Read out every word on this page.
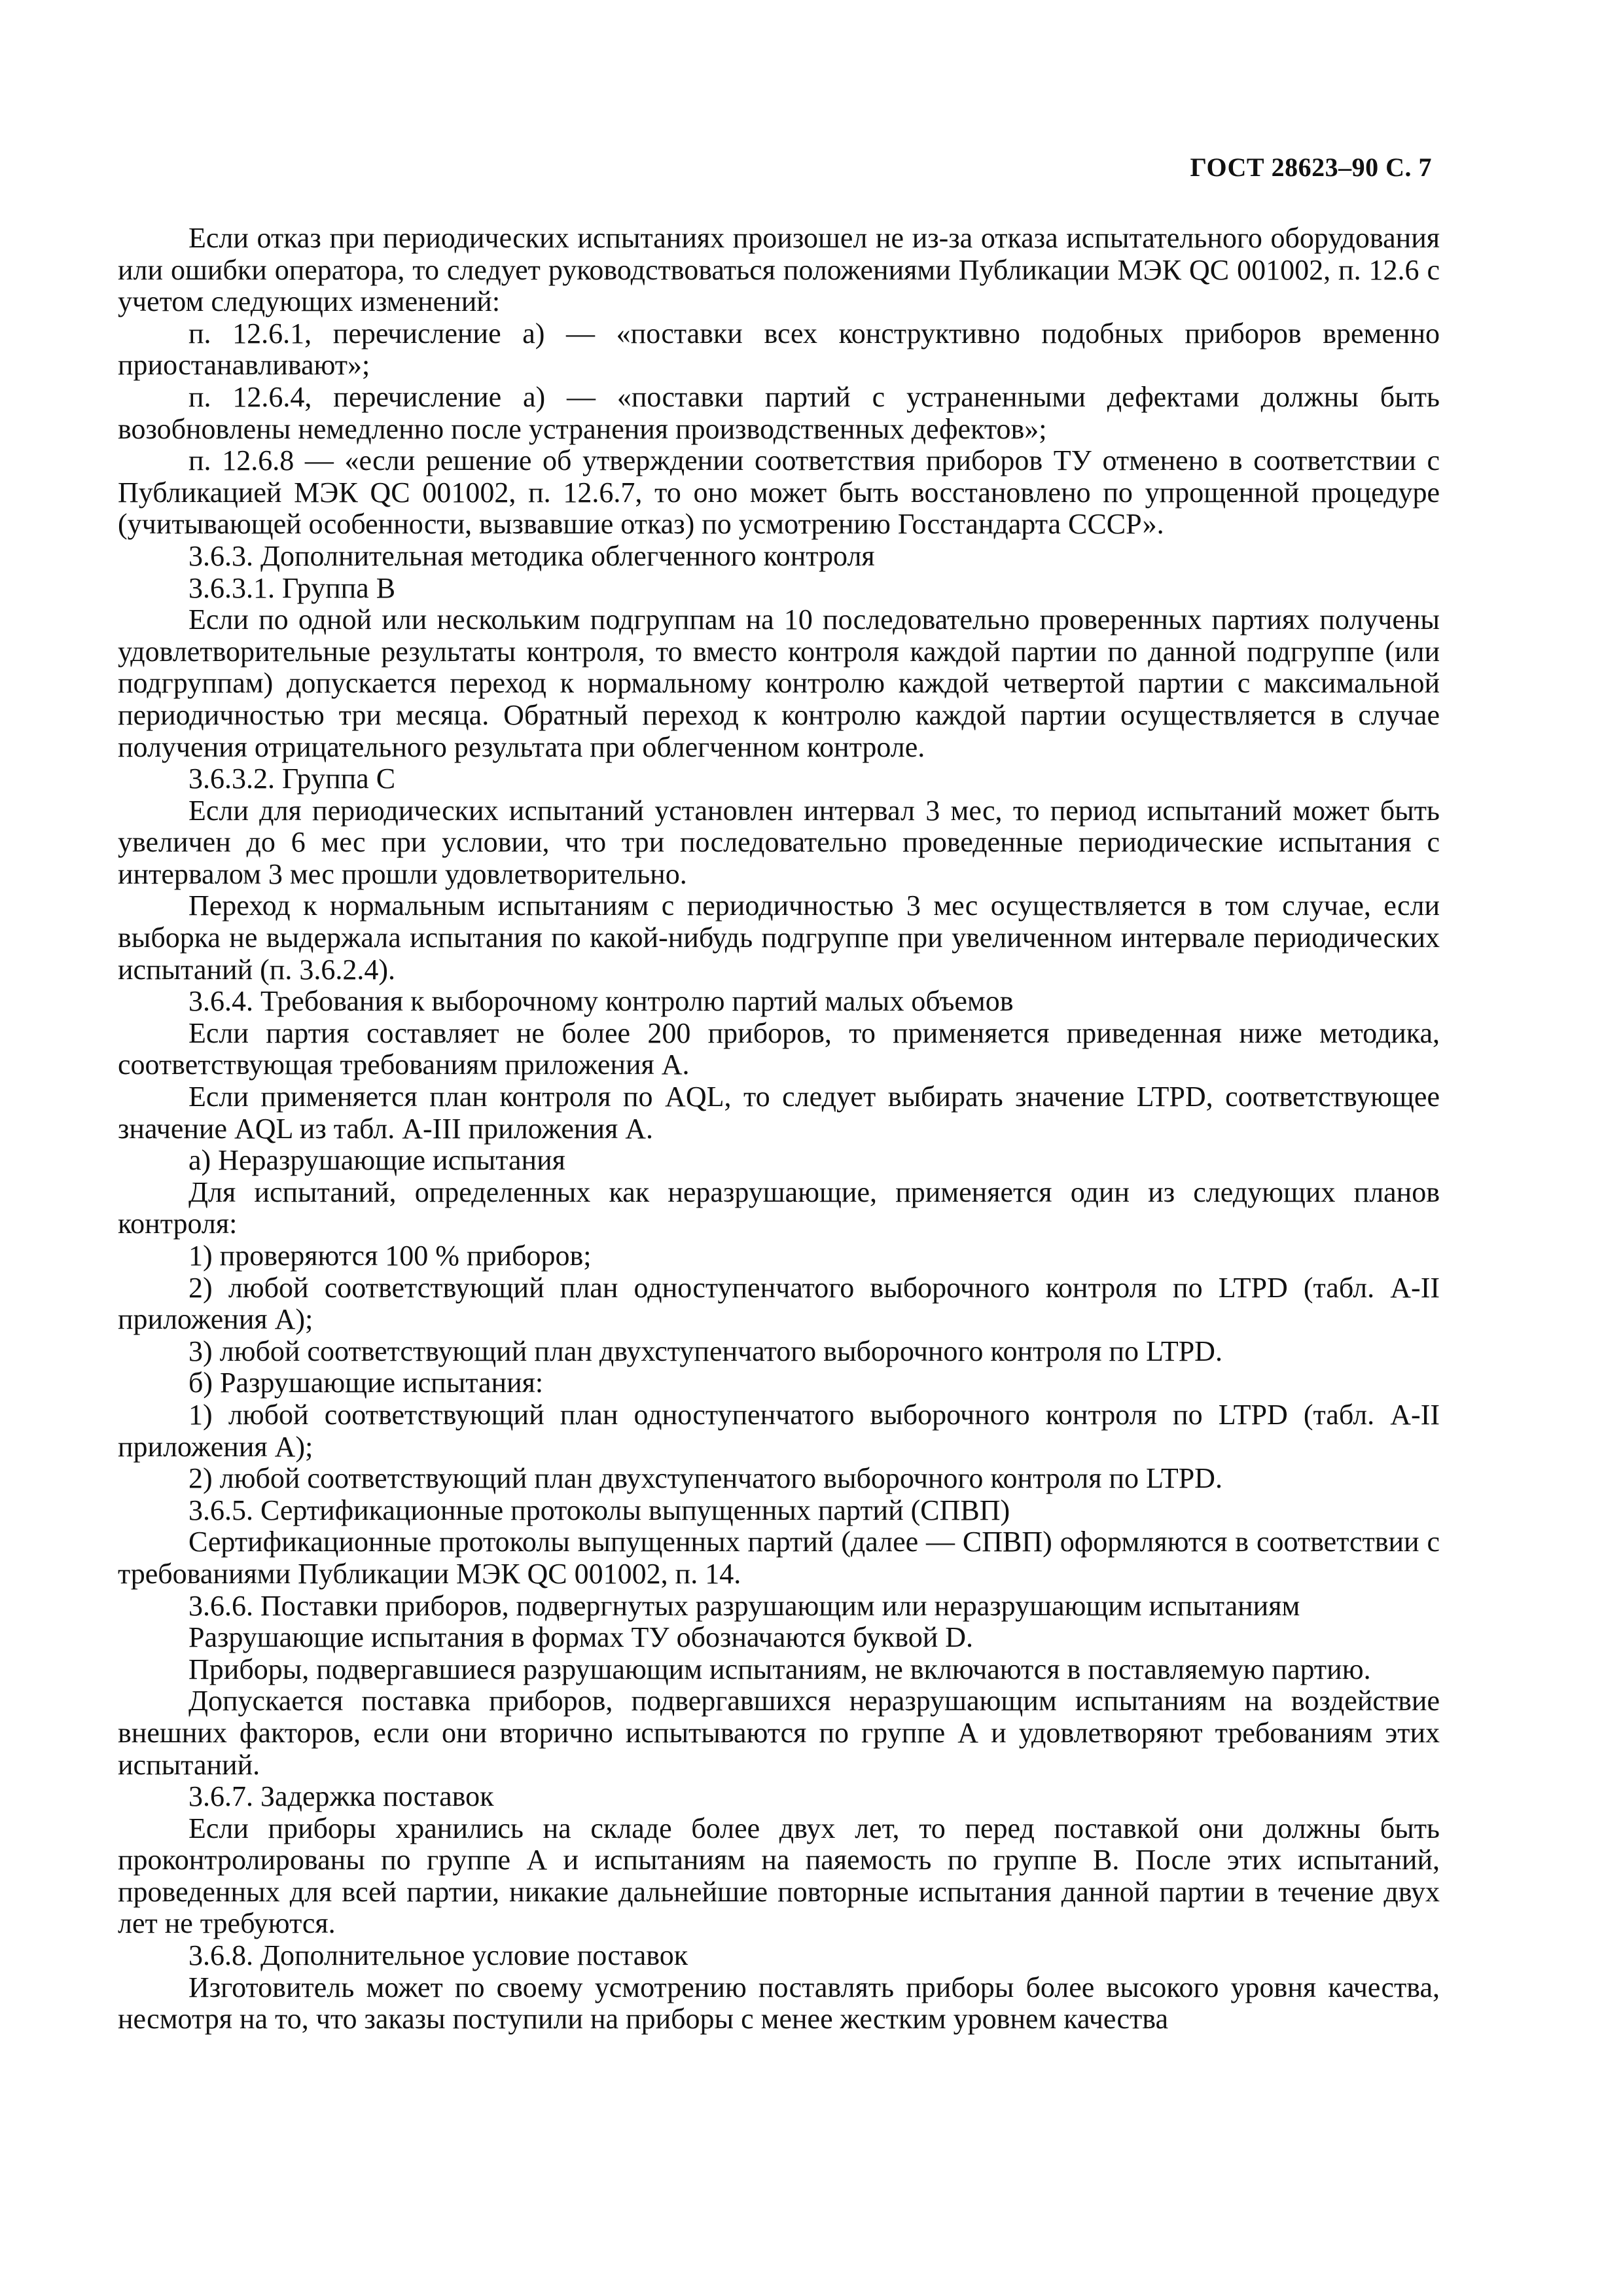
ГОСТ 28623–90 С. 7

Если отказ при периодических испытаниях произошел не из-за отказа испытательного оборудования или ошибки оператора, то следует руководствоваться положениями Публикации МЭК QC 001002, п. 12.6 с учетом следующих изменений:

п. 12.6.1, перечисление а) — «поставки всех конструктивно подобных приборов временно приостанавливают»;

п. 12.6.4, перечисление а) — «поставки партий с устраненными дефектами должны быть возобновлены немедленно после устранения производственных дефектов»;

п. 12.6.8 — «если решение об утверждении соответствия приборов ТУ отменено в соответствии с Публикацией МЭК QC 001002, п. 12.6.7, то оно может быть восстановлено по упрощенной процедуре (учитывающей особенности, вызвавшие отказ) по усмотрению Госстандарта СССР».

3.6.3. Дополнительная методика облегченного контроля

3.6.3.1. Группа В

Если по одной или нескольким подгруппам на 10 последовательно проверенных партиях получены удовлетворительные результаты контроля, то вместо контроля каждой партии по данной подгруппе (или подгруппам) допускается переход к нормальному контролю каждой четвертой партии с максимальной периодичностью три месяца. Обратный переход к контролю каждой партии осуществляется в случае получения отрицательного результата при облегченном контроле.

3.6.3.2. Группа С

Если для периодических испытаний установлен интервал 3 мес, то период испытаний может быть увеличен до 6 мес при условии, что три последовательно проведенные периодические испытания с интервалом 3 мес прошли удовлетворительно.

Переход к нормальным испытаниям с периодичностью 3 мес осуществляется в том случае, если выборка не выдержала испытания по какой-нибудь подгруппе при увеличенном интервале периодических испытаний (п. 3.6.2.4).

3.6.4. Требования к выборочному контролю партий малых объемов

Если партия составляет не более 200 приборов, то применяется приведенная ниже методика, соответствующая требованиям приложения А.

Если применяется план контроля по AQL, то следует выбирать значение LTPD, соответствующее значение AQL из табл. А-III приложения А.

а) Неразрушающие испытания

Для испытаний, определенных как неразрушающие, применяется один из следующих планов контроля:

1) проверяются 100 % приборов;

2) любой соответствующий план одноступенчатого выборочного контроля по LTPD (табл. А-II приложения А);

3) любой соответствующий план двухступенчатого выборочного контроля по LTPD.

б) Разрушающие испытания:

1) любой соответствующий план одноступенчатого выборочного контроля по LTPD (табл. А-II приложения А);

2) любой соответствующий план двухступенчатого выборочного контроля по LTPD.

3.6.5. Сертификационные протоколы выпущенных партий (СПВП)

Сертификационные протоколы выпущенных партий (далее — СПВП) оформляются в соответствии с требованиями Публикации МЭК QC 001002, п. 14.

3.6.6. Поставки приборов, подвергнутых разрушающим или неразрушающим испытаниям

Разрушающие испытания в формах ТУ обозначаются буквой D.

Приборы, подвергавшиеся разрушающим испытаниям, не включаются в поставляемую партию.

Допускается поставка приборов, подвергавшихся неразрушающим испытаниям на воздействие внешних факторов, если они вторично испытываются по группе А и удовлетворяют требованиям этих испытаний.

3.6.7. Задержка поставок

Если приборы хранились на складе более двух лет, то перед поставкой они должны быть проконтролированы по группе А и испытаниям на паяемость по группе В. После этих испытаний, проведенных для всей партии, никакие дальнейшие повторные испытания данной партии в течение двух лет не требуются.

3.6.8. Дополнительное условие поставок

Изготовитель может по своему усмотрению поставлять приборы более высокого уровня качества, несмотря на то, что заказы поступили на приборы с менее жестким уровнем качества
